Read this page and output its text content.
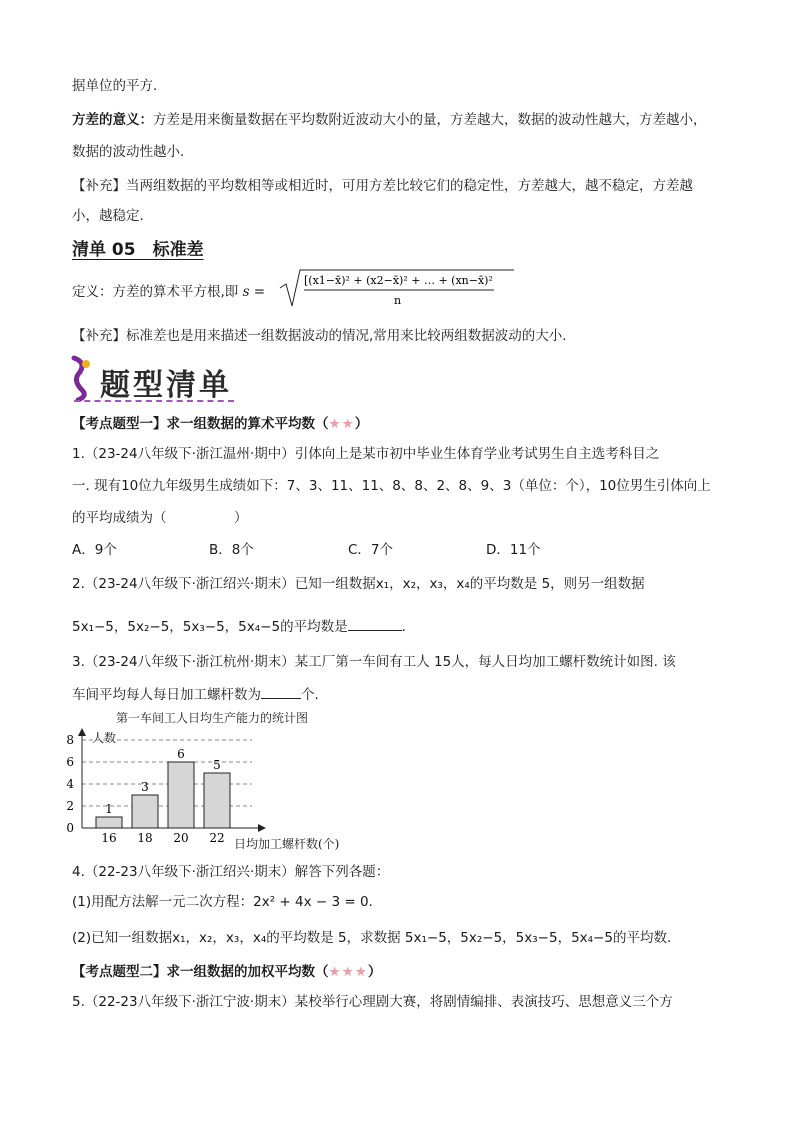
据单位的平方.
方差的意义：方差是用来衡量数据在平均数附近波动大小的量，方差越大，数据的波动性越大，方差越小，
数据的波动性越小.
【补充】当两组数据的平均数相等或相近时，可用方差比较它们的稳定性，方差越大，越不稳定，方差越
小，越稳定.
清单 05　标准差
定义：方差的算术平方根,即 s =
[(x1−x̄)² + (x2−x̄)² + … + (xn−x̄)²
n
【补充】标准差也是用来描述一组数据波动的情况,常用来比较两组数据波动的大小.
题型清单
【考点题型一】求一组数据的算术平均数（★★）
1.（23-24八年级下·浙江温州·期中）引体向上是某市初中毕业生体育学业考试男生自主选考科目之
一. 现有10位九年级男生成绩如下：7、3、11、11、8、8、2、8、9、3（单位：个），10位男生引体向上
的平均成绩为（　　　　　）
A．9个	B．8个	C．7个	D．11个
2.（23-24八年级下·浙江绍兴·期末）已知一组数据x₁，x₂，x₃，x₄的平均数是 5，则另一组数据
5x₁−5，5x₂−5，5x₃−5，5x₄−5的平均数是	.
3.（23-24八年级下·浙江杭州·期末）某工厂第一车间有工人 15人，每人日均加工螺杆数统计如图. 该
车间平均每人每日加工螺杆数为	个.
第一车间工人日均生产能力的统计图
人数
日均加工螺杆数(个)
0
2
4
6
8
1
16
3
18
6
20
5
22
4.（22-23八年级下·浙江绍兴·期末）解答下列各题：
(1)用配方法解一元二次方程：2x² + 4x − 3 = 0.
(2)已知一组数据x₁，x₂，x₃，x₄的平均数是 5，求数据 5x₁−5，5x₂−5，5x₃−5，5x₄−5的平均数.
【考点题型二】求一组数据的加权平均数（★★★）
5.（22-23八年级下·浙江宁波·期末）某校举行心理剧大赛，将剧情编排、表演技巧、思想意义三个方
